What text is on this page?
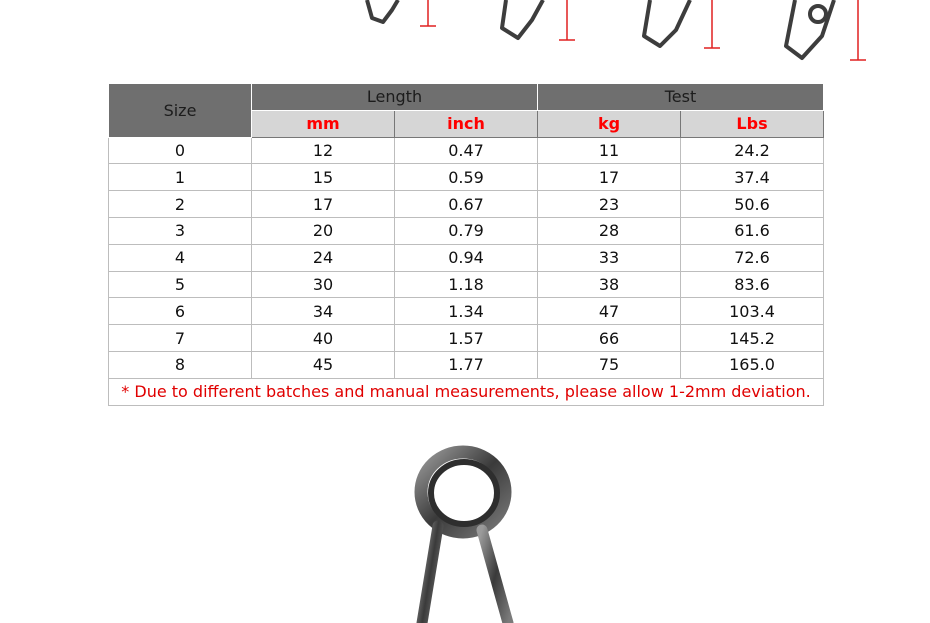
Size	Length		Test	
	mm	inch	kg	Lbs
0	12	0.47	11	24.2
1	15	0.59	17	37.4
2	17	0.67	23	50.6
3	20	0.79	28	61.6
4	24	0.94	33	72.6
5	30	1.18	38	83.6
6	34	1.34	47	103.4
7	40	1.57	66	145.2
8	45	1.77	75	165.0
* Due to different batches and manual measurements, please allow 1-2mm deviation.				
